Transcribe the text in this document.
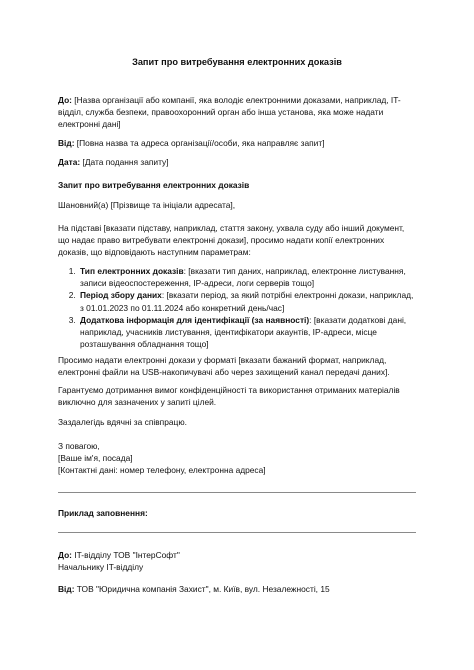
Запит про витребування електронних доказів
До: [Назва організації або компанії, яка володіє електронними доказами, наприклад, IT-відділ, служба безпеки, правоохоронний орган або інша установа, яка може надати електронні дані]
Від: [Повна назва та адреса організації/особи, яка направляє запит]
Дата: [Дата подання запиту]
Запит про витребування електронних доказів
Шановний(а) [Прізвище та ініціали адресата],
На підставі [вказати підставу, наприклад, стаття закону, ухвала суду або інший документ, що надає право витребувати електронні докази], просимо надати копії електронних доказів, що відповідають наступним параметрам:
1. Тип електронних доказів: [вказати тип даних, наприклад, електронне листування, записи відеоспостереження, IP-адреси, логи серверів тощо]
2. Період збору даних: [вказати період, за який потрібні електронні докази, наприклад, з 01.01.2023 по 01.11.2024 або конкретний день/час]
3. Додаткова інформація для ідентифікації (за наявності): [вказати додаткові дані, наприклад, учасників листування, ідентифікатори акаунтів, IP-адреси, місце розташування обладнання тощо]
Просимо надати електронні докази у форматі [вказати бажаний формат, наприклад, електронні файли на USB-накопичувачі або через захищений канал передачі даних].
Гарантуємо дотримання вимог конфіденційності та використання отриманих матеріалів виключно для зазначених у запиті цілей.
Заздалегідь вдячні за співпрацю.
З повагою,
[Ваше ім'я, посада]
[Контактні дані: номер телефону, електронна адреса]
Приклад заповнення:
До: IT-відділу ТОВ "ІнтерСофт"
Начальнику IT-відділу
Від: ТОВ "Юридична компанія Захист", м. Київ, вул. Незалежності, 15
